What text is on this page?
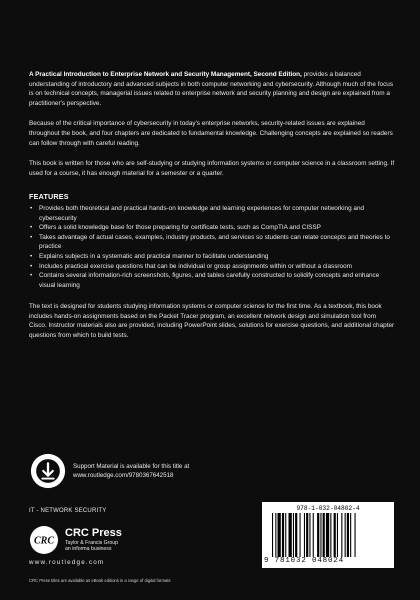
A Practical Introduction to Enterprise Network and Security Management, Second Edition, provides a balanced understanding of introductory and advanced subjects in both computer networking and cybersecurity. Although much of the focus is on technical concepts, managerial issues related to enterprise network and security planning and design are explained from a practitioner's perspective.

Because of the critical importance of cybersecurity in today's enterprise networks, security-related issues are explained throughout the book, and four chapters are dedicated to fundamental knowledge. Challenging concepts are explained so readers can follow through with careful reading.

This book is written for those who are self-studying or studying information systems or computer science in a classroom setting. If used for a course, it has enough material for a semester or a quarter.

FEATURES
• Provides both theoretical and practical hands-on knowledge and learning experiences for computer networking and cybersecurity
• Offers a solid knowledge base for those preparing for certificate tests, such as CompTIA and CISSP
• Takes advantage of actual cases, examples, industry products, and services so students can relate concepts and theories to practice
• Explains subjects in a systematic and practical manner to facilitate understanding
• Includes practical exercise questions that can be individual or group assignments within or without a classroom
• Contains several information-rich screenshots, figures, and tables carefully constructed to solidify concepts and enhance visual learning

The text is designed for students studying information systems or computer science for the first time. As a textbook, this book includes hands-on assignments based on the Packet Tracer program, an excellent network design and simulation tool from Cisco. Instructor materials also are provided, including PowerPoint slides, solutions for exercise questions, and additional chapter questions from which to build tests.

Support Material is available for this title at
www.routledge.com/9780367642518
IT - NETWORK SECURITY
CRC
CRC Press
Taylor & Francis Group
an informa business
www.routledge.com
CRC Press titles are available as eBook editions in a range of digital formats
978-1-032-04802-4
9 781032 048024
